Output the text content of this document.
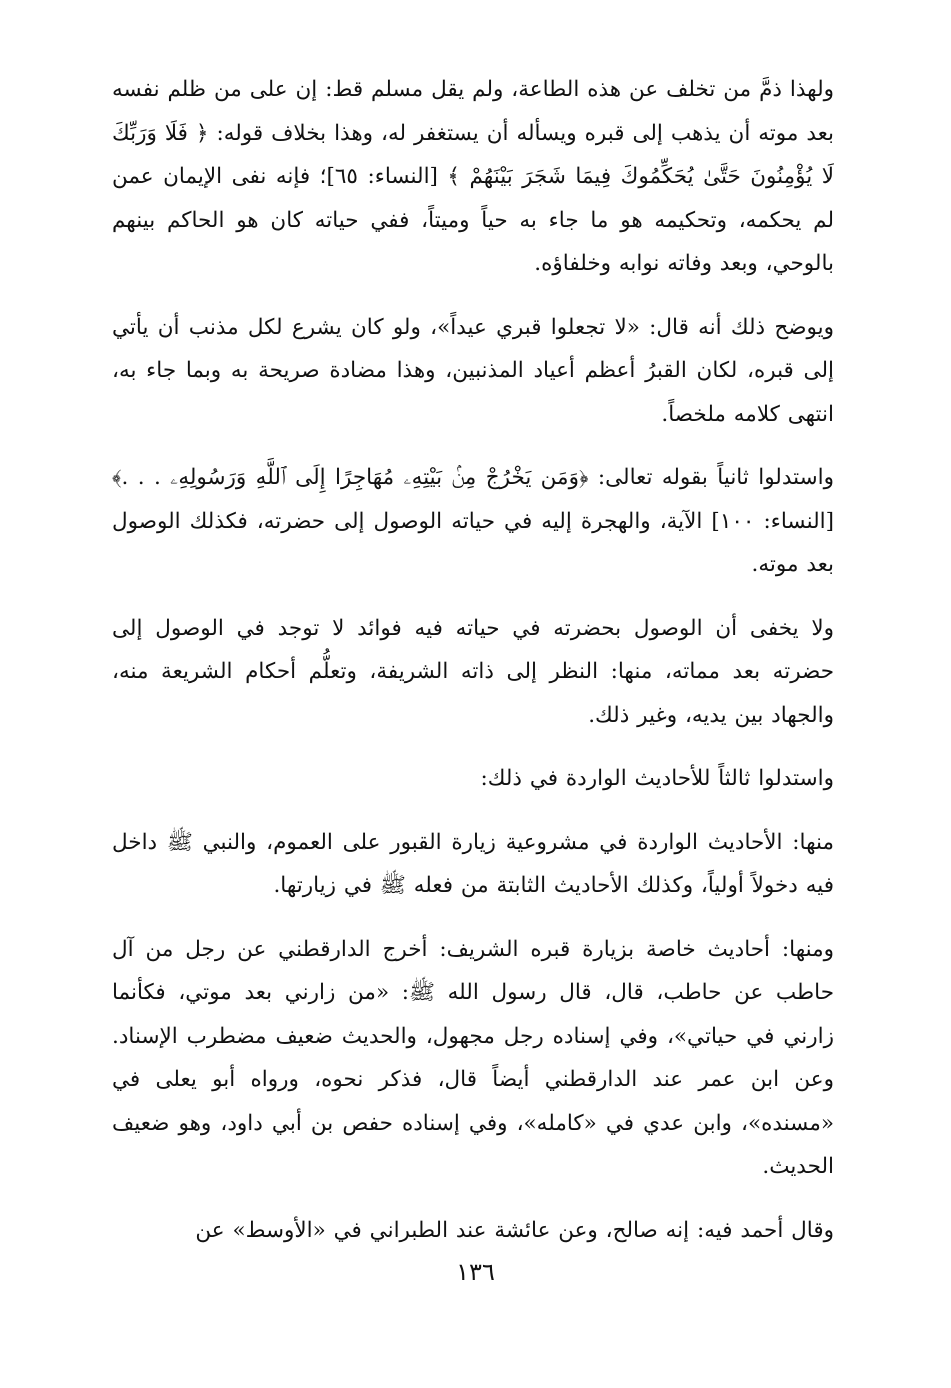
ولهذا ذمَّ من تخلف عن هذه الطاعة، ولم يقل مسلم قط: إن على من ظلم نفسه بعد موته أن يذهب إلى قبره ويسأله أن يستغفر له، وهذا بخلاف قوله: ﴿ فَلَا وَرَبِّكَ لَا يُؤْمِنُونَ حَتَّىٰ يُحَكِّمُوكَ فِيمَا شَجَرَ بَيْنَهُمْ ﴾ [النساء: ٦٥]؛ فإنه نفى الإيمان عمن لم يحكمه، وتحكيمه هو ما جاء به حياً وميتاً، ففي حياته كان هو الحاكم بينهم بالوحي، وبعد وفاته نوابه وخلفاؤه.

ويوضح ذلك أنه قال: «لا تجعلوا قبري عيداً»، ولو كان يشرع لكل مذنب أن يأتي إلى قبره، لكان القبرُ أعظم أعياد المذنبين، وهذا مضادة صريحة به وبما جاء به، انتهى كلامه ملخصاً.

واستدلوا ثانياً بقوله تعالى: ﴿وَمَن يَخْرُجْ مِنۢ بَيْتِهِۦ مُهَاجِرًا إِلَى ٱللَّهِ وَرَسُولِهِۦ . . .﴾ [النساء: ١٠٠] الآية، والهجرة إليه في حياته الوصول إلى حضرته، فكذلك الوصول بعد موته.

ولا يخفى أن الوصول بحضرته في حياته فيه فوائد لا توجد في الوصول إلى حضرته بعد مماته، منها: النظر إلى ذاته الشريفة، وتعلُّم أحكام الشريعة منه، والجهاد بين يديه، وغير ذلك.

واستدلوا ثالثاً للأحاديث الواردة في ذلك:

منها: الأحاديث الواردة في مشروعية زيارة القبور على العموم، والنبي ﷺ داخل فيه دخولاً أولياً، وكذلك الأحاديث الثابتة من فعله ﷺ في زيارتها.

ومنها: أحاديث خاصة بزيارة قبره الشريف: أخرج الدارقطني عن رجل من آل حاطب عن حاطب، قال، قال رسول الله ﷺ: «من زارني بعد موتي، فكأنما زارني في حياتي»، وفي إسناده رجل مجهول، والحديث ضعيف مضطرب الإسناد. وعن ابن عمر عند الدارقطني أيضاً قال، فذكر نحوه، ورواه أبو يعلى في «مسنده»، وابن عدي في «كامله»، وفي إسناده حفص بن أبي داود، وهو ضعيف الحديث.

وقال أحمد فيه: إنه صالح، وعن عائشة عند الطبراني في «الأوسط» عن

١٣٦
